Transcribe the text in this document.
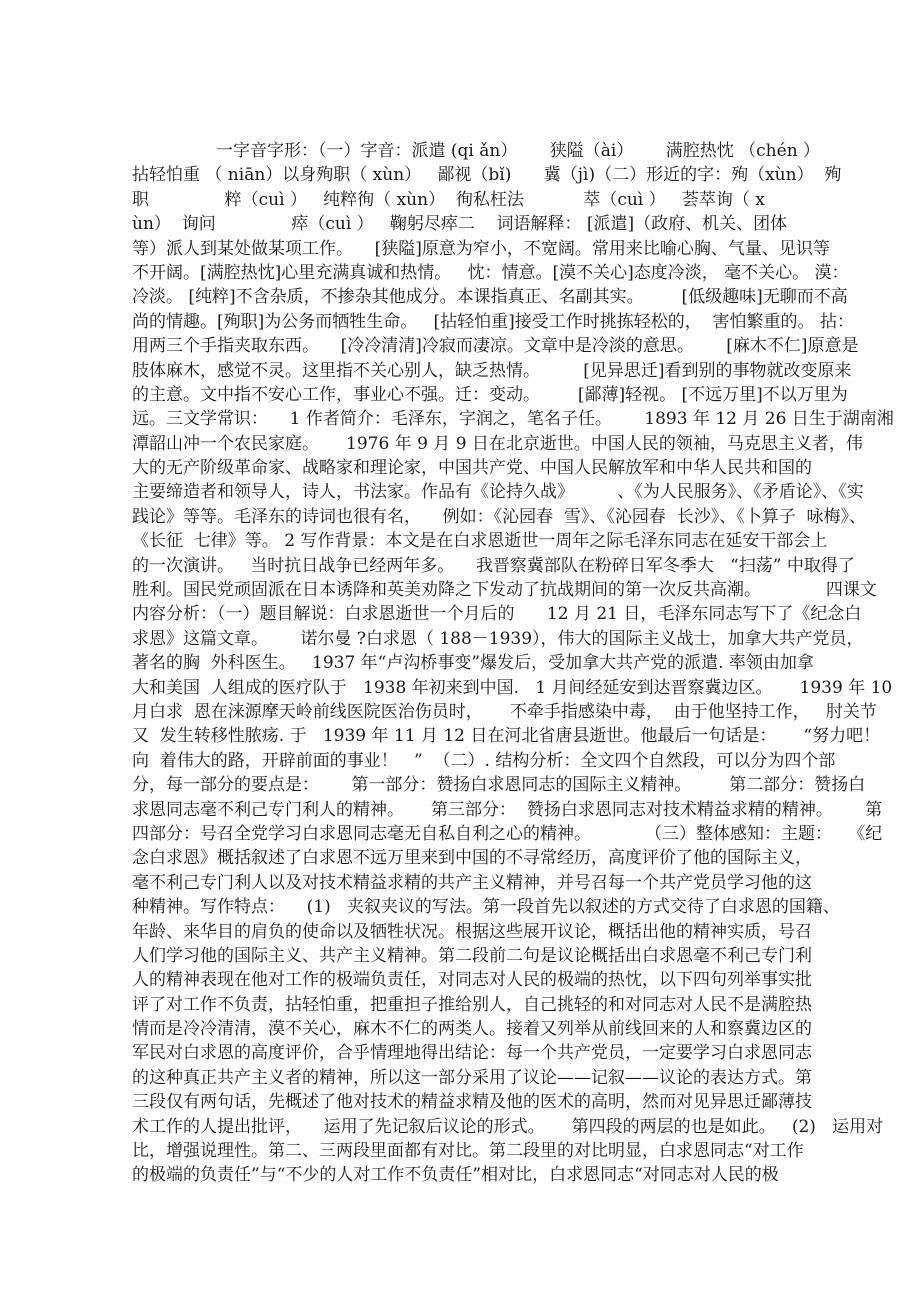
一字音字形：（一）字音：派遣 (qi ǎn）      狭隘（ài）      满腔热忱 （chén ）
拈轻怕重 （ niān）以身殉职（ xùn）   鄙视（bǐ)      冀（jì)（二）形近的字：殉（xùn）  殉
职              粹（cuì ）   纯粹徇（ xùn）  徇私枉法           萃（cuì ）   荟萃询（ x
ùn）  询问              瘁（cuì ）   鞠躬尽瘁二    词语解释： [派遣]（政府、机关、团体
等）派人到某处做某项工作。    [狭隘]原意为窄小，不宽阔。常用来比喻心胸、气量、见识等
不开阔。[满腔热忱]心里充满真诚和热情。   忱：情意。[漠不关心]态度冷淡， 毫不关心。 漠：
冷淡。 [纯粹]不含杂质，不掺杂其他成分。本课指真正、名副其实。       [低级趣味]无聊而不高
尚的情趣。[殉职]为公务而牺牲生命。   [拈轻怕重]接受工作时挑拣轻松的，  害怕繁重的。 拈：
用两三个手指夹取东西。    [冷冷清清]冷寂而凄凉。文章中是冷淡的意思。      [麻木不仁]原意是
肢体麻木，感觉不灵。这里指不关心别人，缺乏热情。        [见异思迁]看到别的事物就改变原来
的主意。文中指不安心工作，事业心不强。迁：变动。       [鄙薄]轻视。 [不远万里]不以万里为
远。三文学常识：    1 作者简介：毛泽东，字润之，笔名子任。      1893 年 12 月 26 日生于湖南湘
潭韶山冲一个农民家庭。     1976 年 9 月 9 日在北京逝世。中国人民的领袖，马克思主义者，伟
大的无产阶级革命家、战略家和理论家，中国共产党、中国人民解放军和中华人民共和国的
主要缔造者和领导人，诗人，书法家。作品有《论持久战》        、《为人民服务》、《矛盾论》、《实
践论》等等。毛泽东的诗词也很有名，    例如：《沁园春  雪》、《沁园春  长沙》、《卜算子  咏梅》、
《长征  七律》等。 2 写作背景：本文是在白求恩逝世一周年之际毛泽东同志在延安干部会上
的一次演讲。   当时抗日战争已经两年多。    我晋察冀部队在粉碎日军冬季大   “扫荡” 中取得了
胜利。国民党顽固派在日本诱降和英美劝降之下发动了抗战期间的第一次反共高潮。            四课文
内容分析：（一）题目解说：白求恩逝世一个月后的      12 月 21 日，毛泽东同志写下了《纪念白
求恩》这篇文章。      诺尔曼 ?白求恩（ 188－1939），伟大的国际主义战士，加拿大共产党员，
著名的胸  外科医生。   1937 年“卢沟桥事变”爆发后，受加拿大共产党的派遣. 率领由加拿
大和美国  人组成的医疗队于   1938 年初来到中国.   1 月间经延安到达晋察冀边区。     1939 年 10
月白求  恩在涞源摩天岭前线医院医治伤员时，     不牵手指感染中毒，  由于他坚持工作，   肘关节
又  发生转移性脓疡. 于   1939 年 11 月 12 日在河北省唐县逝世。他最后一句话是：     “努力吧！
向  着伟大的路，开辟前面的事业！   ”  （二）. 结构分析：全文四个自然段，可以分为四个部
分，每一部分的要点是：      第一部分：赞扬白求恩同志的国际主义精神。       第二部分：赞扬白
求恩同志毫不利己专门利人的精神。     第三部分：  赞扬白求恩同志对技术精益求精的精神。      第
四部分：号召全党学习白求恩同志毫无自私自利之心的精神。          （三）整体感知：主题：   《纪
念白求恩》概括叙述了白求恩不远万里来到中国的不寻常经历，高度评价了他的国际主义，
毫不利己专门利人以及对技术精益求精的共产主义精神，并号召每一个共产党员学习他的这
种精神。写作特点：    (1)   夹叙夹议的写法。第一段首先以叙述的方式交待了白求恩的国籍、
年龄、来华目的肩负的使命以及牺牲状况。根据这些展开议论，概括出他的精神实质，号召
人们学习他的国际主义、共产主义精神。第二段前二句是议论概括出白求恩毫不利己专门利
人的精神表现在他对工作的极端负责任，对同志对人民的极端的热忱，以下四句列举事实批
评了对工作不负责，拈轻怕重，把重担子推给别人，自己挑轻的和对同志对人民不是满腔热
情而是冷冷清清，漠不关心，麻木不仁的两类人。接着又列举从前线回来的人和察冀边区的
军民对白求恩的高度评价，合乎情理地得出结论：每一个共产党员，一定要学习白求恩同志
的这种真正共产主义者的精神，所以这一部分采用了议论——记叙——议论的表达方式。第
三段仅有两句话，先概述了他对技术的精益求精及他的医术的高明，然而对见异思迁鄙薄技
术工作的人提出批评，    运用了先记叙后议论的形式。     第四段的两层的也是如此。   (2)   运用对
比，增强说理性。第二、三两段里面都有对比。第二段里的对比明显，白求恩同志“对工作
的极端的负责任”与“不少的人对工作不负责任”相对比，白求恩同志“对同志对人民的极
